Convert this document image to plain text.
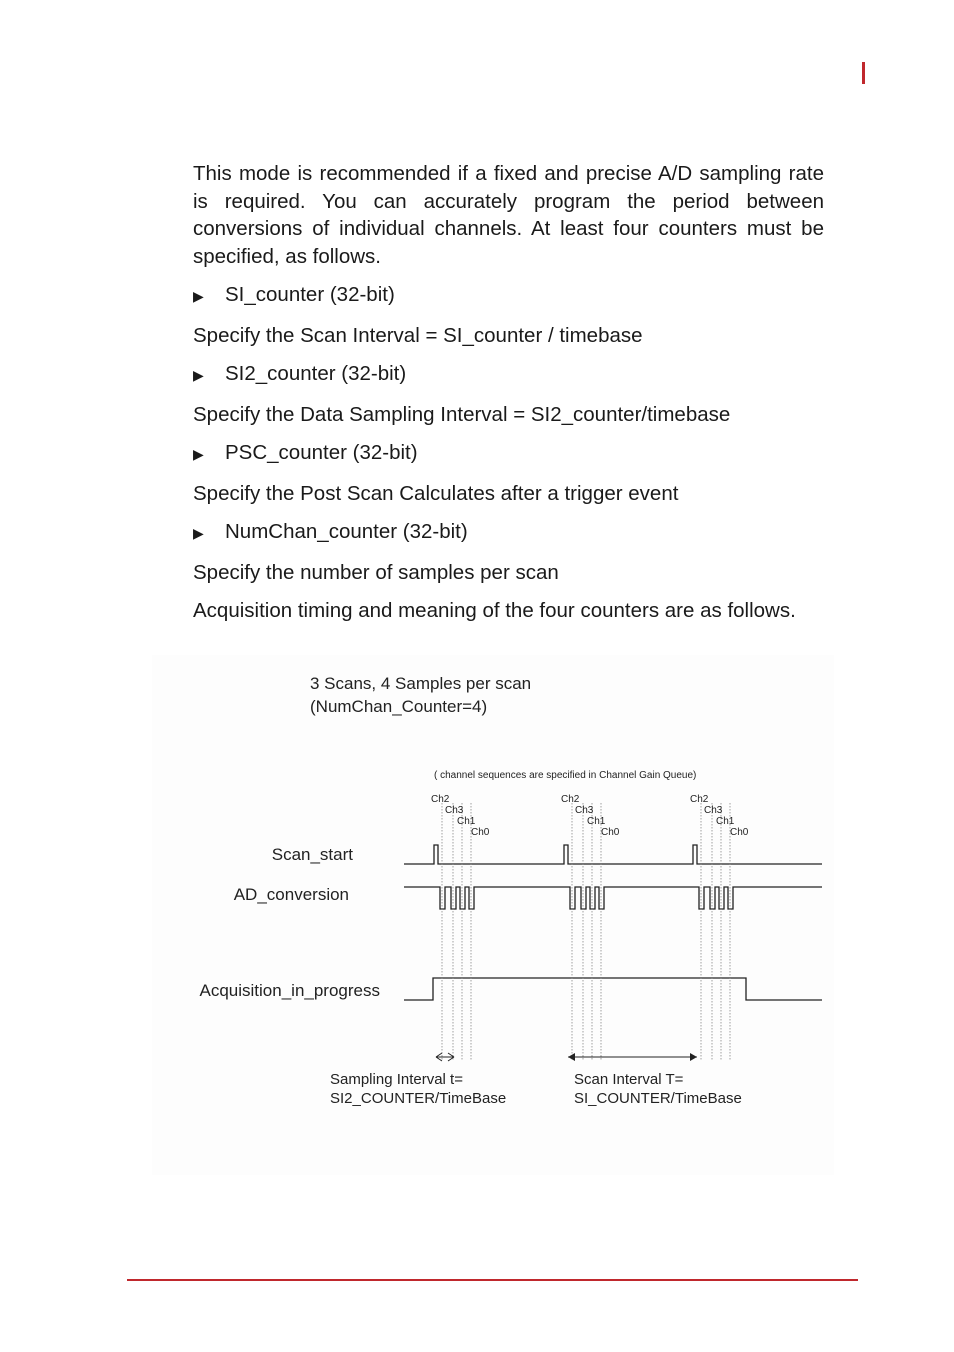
This mode is recommended if a fixed and precise A/D sampling rate is required. You can accurately program the period between conversions of individual channels. At least four counters must be specified, as follows.

▶	SI_counter (32-bit)

Specify the Scan Interval = SI_counter / timebase

▶	SI2_counter (32-bit)

Specify the Data Sampling Interval = SI2_counter/timebase

▶	PSC_counter (32-bit)

Specify the Post Scan Calculates after a trigger event

▶	NumChan_counter (32-bit)

Specify the number of samples per scan

Acquisition timing and meaning of the four counters are as follows.

3 Scans, 4 Samples per scan
(NumChan_Counter=4)
( channel sequences are specified in Channel Gain Queue)
Scan_start
AD_conversion
Acquisition_in_progress
Ch2
Ch3
Ch1
Ch0
Ch2
Ch3
Ch1
Ch0
Ch2
Ch3
Ch1
Ch0
Sampling Interval t=
SI2_COUNTER/TimeBase
Scan Interval T=
SI_COUNTER/TimeBase
